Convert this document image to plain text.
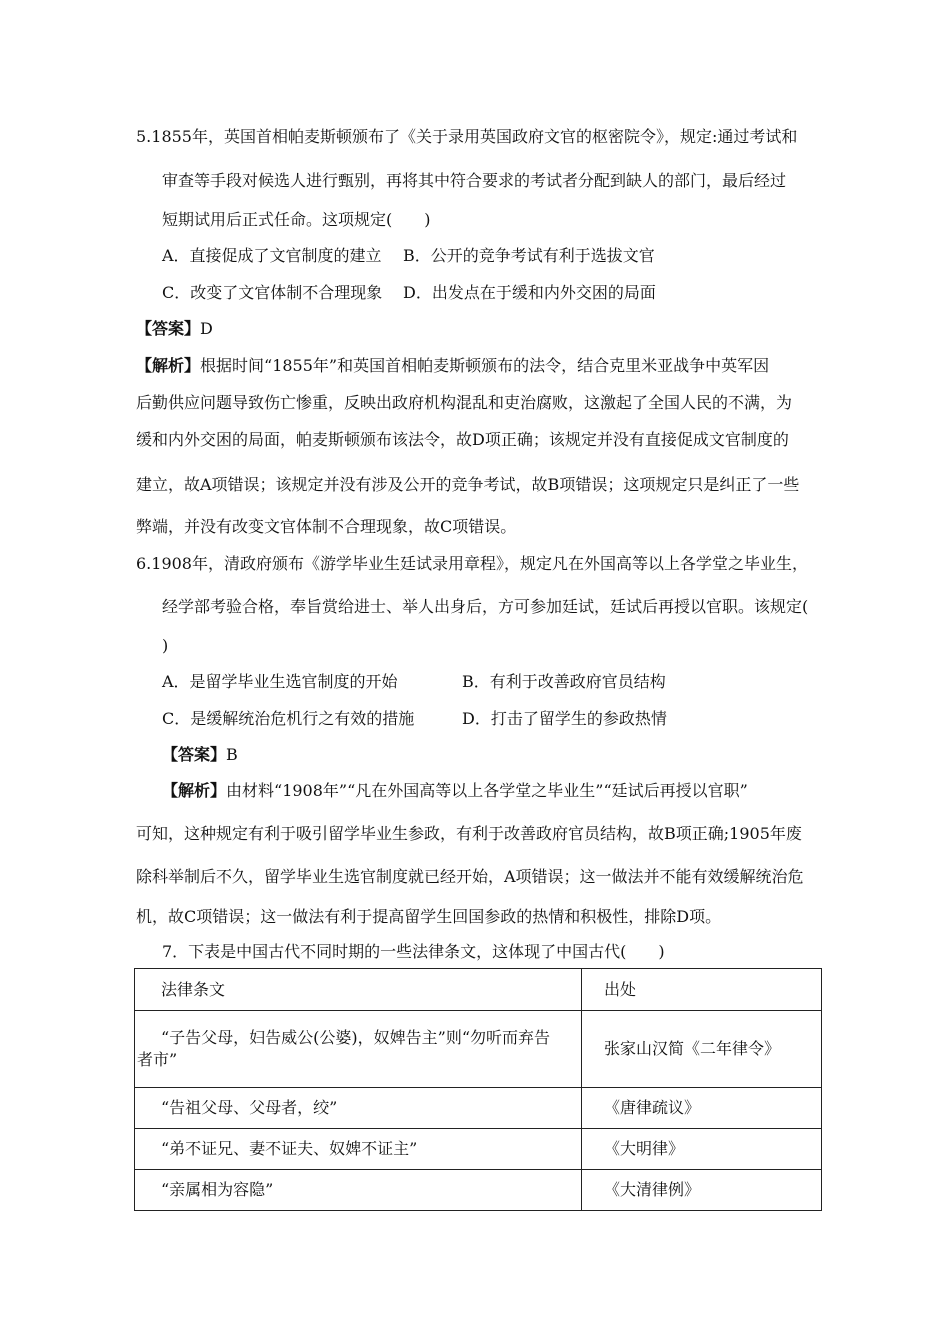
5.1855年，英国首相帕麦斯顿颁布了《关于录用英国政府文官的枢密院令》，规定:通过考试和
审查等手段对候选人进行甄别，再将其中符合要求的考试者分配到缺人的部门，最后经过
短期试用后正式任命。这项规定(　　)
A．直接促成了文官制度的建立 B．公开的竞争考试有利于选拔文官
C．改变了文官体制不合理现象 D．出发点在于缓和内外交困的局面
【答案】D
【解析】根据时间“1855年”和英国首相帕麦斯顿颁布的法令，结合克里米亚战争中英军因
后勤供应问题导致伤亡惨重，反映出政府机构混乱和吏治腐败，这激起了全国人民的不满，为
缓和内外交困的局面，帕麦斯顿颁布该法令，故D项正确；该规定并没有直接促成文官制度的
建立，故A项错误；该规定并没有涉及公开的竞争考试，故B项错误；这项规定只是纠正了一些
弊端，并没有改变文官体制不合理现象，故C项错误。
6.1908年，清政府颁布《游学毕业生廷试录用章程》，规定凡在外国高等以上各学堂之毕业生，
经学部考验合格，奉旨赏给进士、举人出身后，方可参加廷试，廷试后再授以官职。该规定(
)
A．是留学毕业生选官制度的开始	B．有利于改善政府官员结构
C．是缓解统治危机行之有效的措施	D．打击了留学生的参政热情
【答案】B
【解析】由材料“1908年”“凡在外国高等以上各学堂之毕业生”“廷试后再授以官职”
可知，这种规定有利于吸引留学毕业生参政，有利于改善政府官员结构，故B项正确;1905年废
除科举制后不久，留学毕业生选官制度就已经开始，A项错误；这一做法并不能有效缓解统治危
机，故C项错误；这一做法有利于提高留学生回国参政的热情和积极性，排除D项。
7．下表是中国古代不同时期的一些法律条文，这体现了中国古代(　　)
法律条文	出处

“子告父母，妇告威公(公婆)，奴婢告主”则“勿听而弃告
者市”	张家山汉简《二年律令》

“告祖父母、父母者，绞”	《唐律疏议》

“弟不证兄、妻不证夫、奴婢不证主”	《大明律》

“亲属相为容隐”	《大清律例》
